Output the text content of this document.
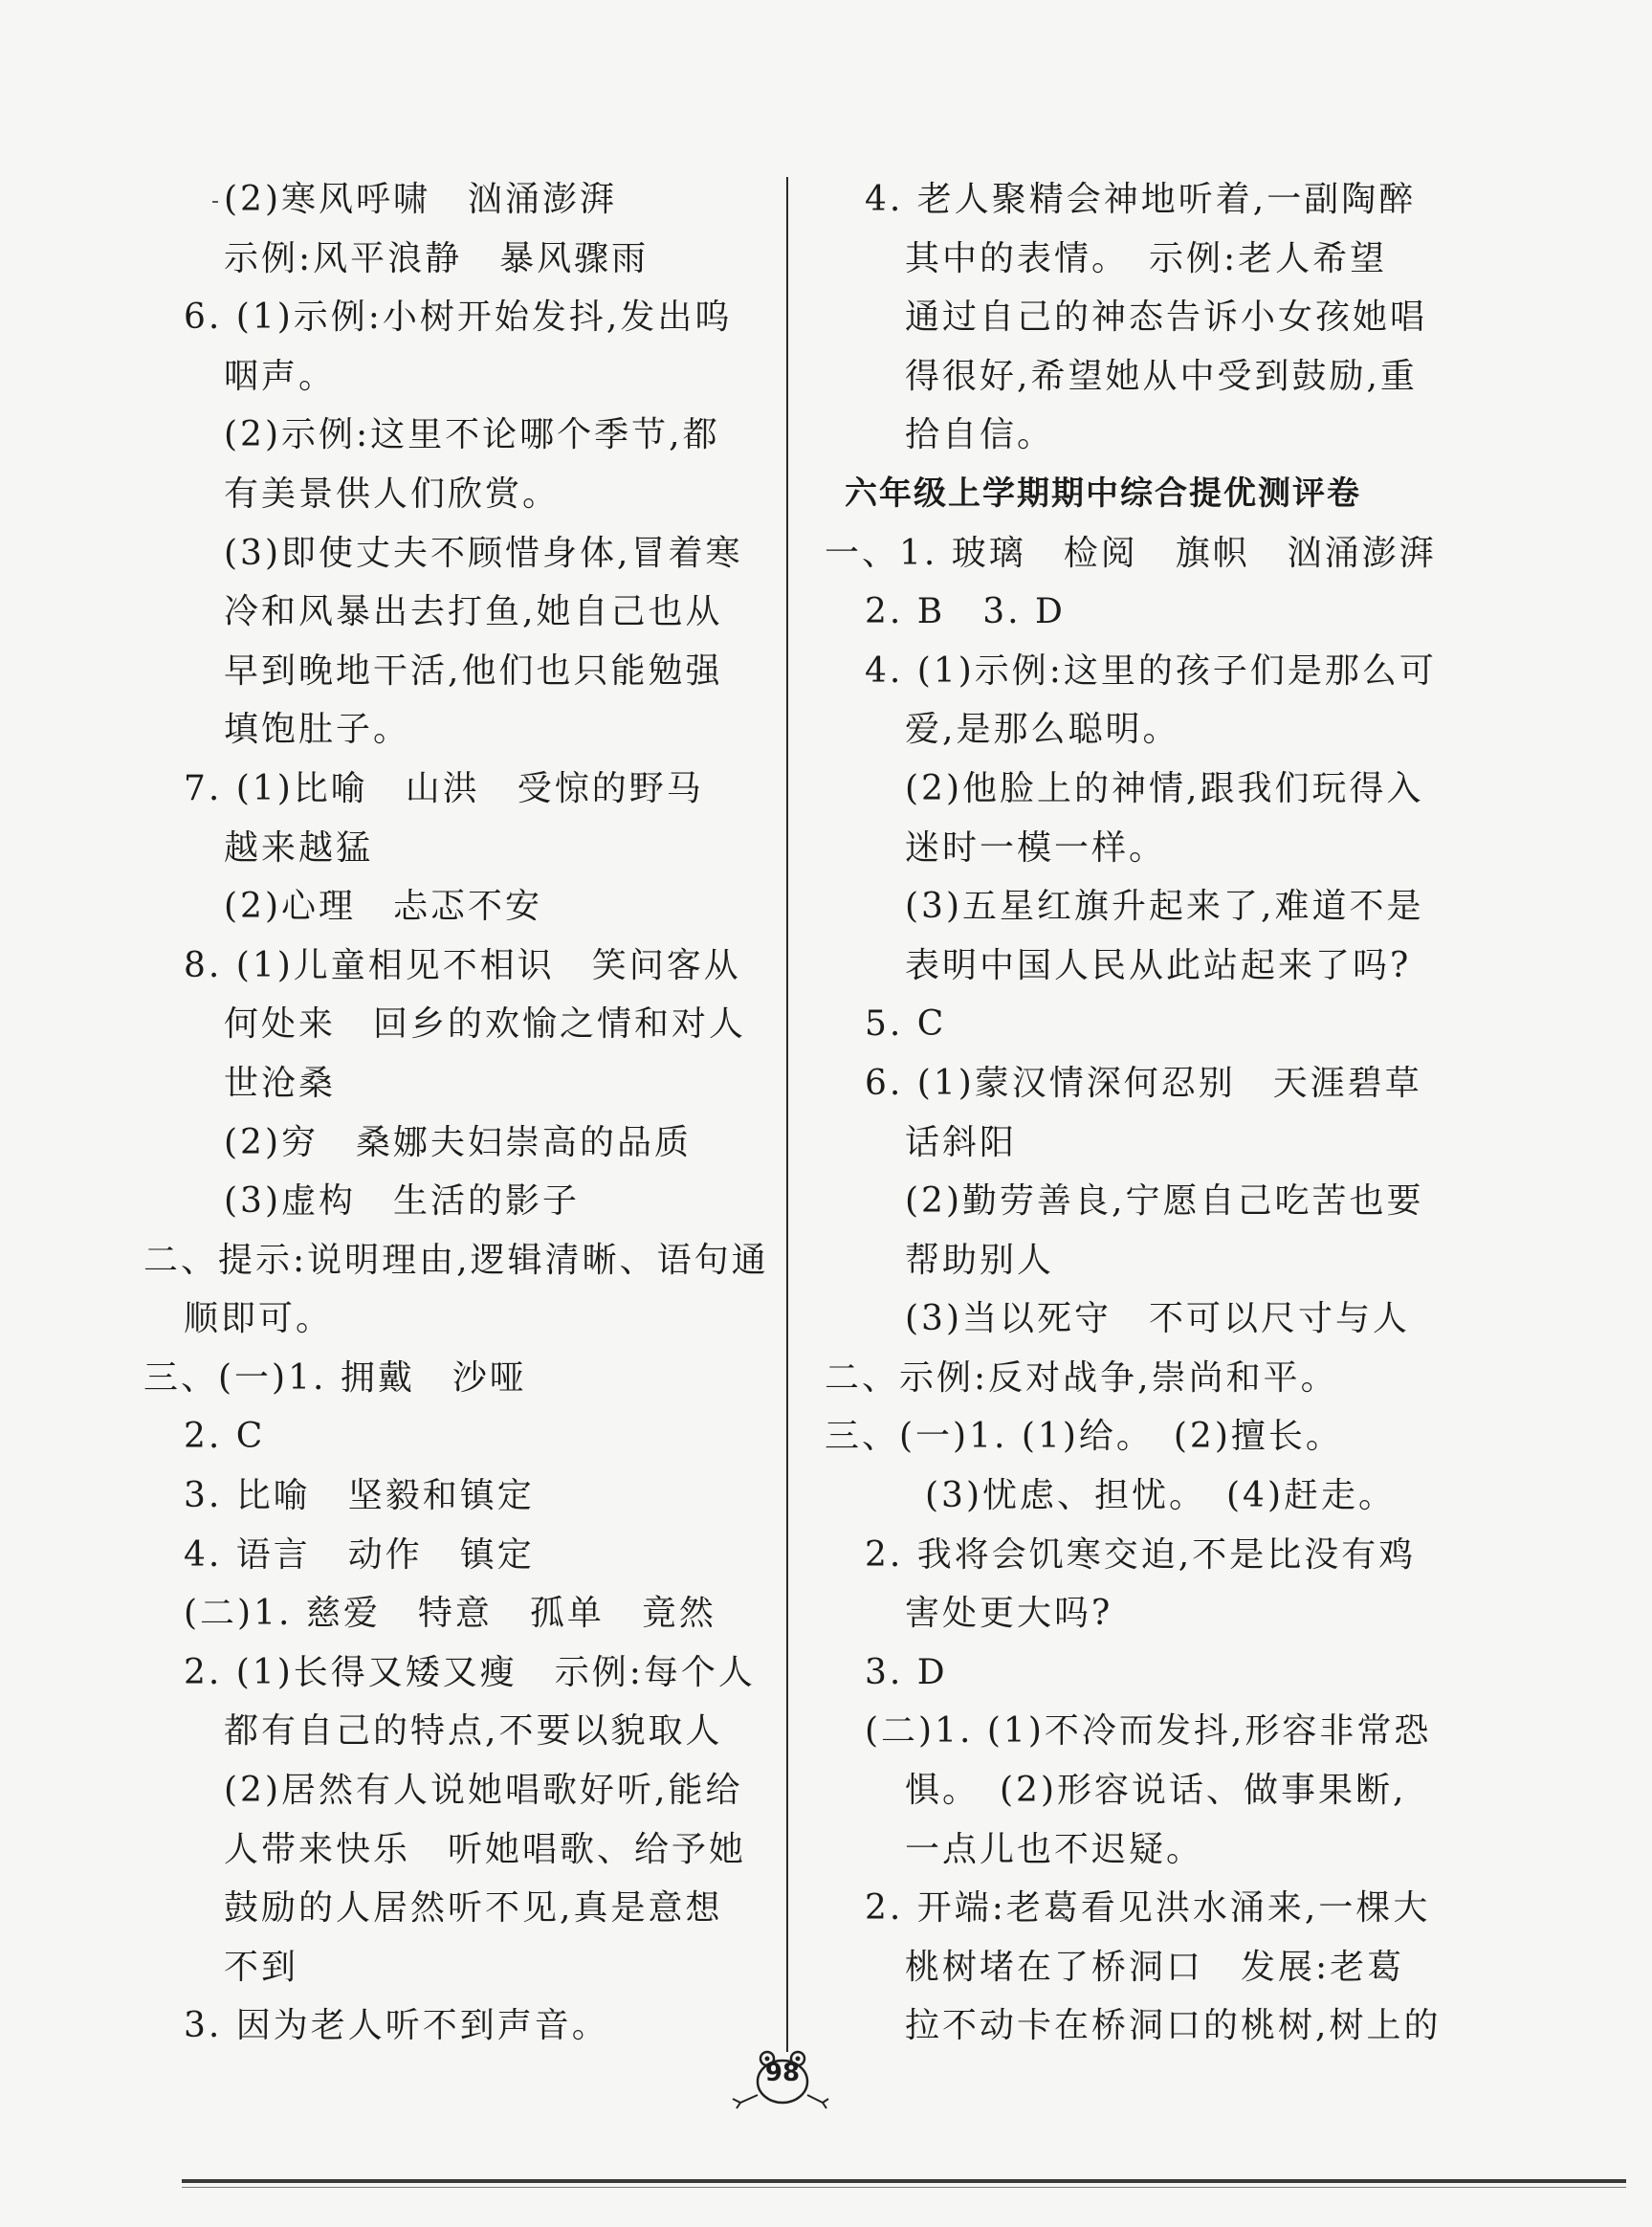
(2)寒风呼啸　汹涌澎湃
示例:风平浪静　暴风骤雨
6. (1)示例:小树开始发抖,发出呜
咽声。
(2)示例:这里不论哪个季节,都
有美景供人们欣赏。
(3)即使丈夫不顾惜身体,冒着寒
冷和风暴出去打鱼,她自己也从
早到晚地干活,他们也只能勉强
填饱肚子。
7. (1)比喻　山洪　受惊的野马
越来越猛
(2)心理　忐忑不安
8. (1)儿童相见不相识　笑问客从
何处来　回乡的欢愉之情和对人
世沧桑
(2)穷　桑娜夫妇崇高的品质
(3)虚构　生活的影子
二、提示:说明理由,逻辑清晰、语句通
顺即可。
三、(一)1. 拥戴　沙哑
2. C
3. 比喻　坚毅和镇定
4. 语言　动作　镇定
(二)1. 慈爱　特意　孤单　竟然
2. (1)长得又矮又瘦　示例:每个人
都有自己的特点,不要以貌取人
(2)居然有人说她唱歌好听,能给
人带来快乐　听她唱歌、给予她
鼓励的人居然听不见,真是意想
不到
3. 因为老人听不到声音。
4. 老人聚精会神地听着,一副陶醉
其中的表情。　示例:老人希望
通过自己的神态告诉小女孩她唱
得很好,希望她从中受到鼓励,重
拾自信。
六年级上学期期中综合提优测评卷
一、1. 玻璃　检阅　旗帜　汹涌澎湃
2. B　3. D
4. (1)示例:这里的孩子们是那么可
爱,是那么聪明。
(2)他脸上的神情,跟我们玩得入
迷时一模一样。
(3)五星红旗升起来了,难道不是
表明中国人民从此站起来了吗?
5. C
6. (1)蒙汉情深何忍别　天涯碧草
话斜阳
(2)勤劳善良,宁愿自己吃苦也要
帮助别人
(3)当以死守　不可以尺寸与人
二、示例:反对战争,崇尚和平。
三、(一)1. (1)给。　(2)擅长。
(3)忧虑、担忧。　(4)赶走。
2. 我将会饥寒交迫,不是比没有鸡
害处更大吗?
3. D
(二)1. (1)不冷而发抖,形容非常恐
惧。　(2)形容说话、做事果断,
一点儿也不迟疑。
2. 开端:老葛看见洪水涌来,一棵大
桃树堵在了桥洞口　发展:老葛
拉不动卡在桥洞口的桃树,树上的
98
